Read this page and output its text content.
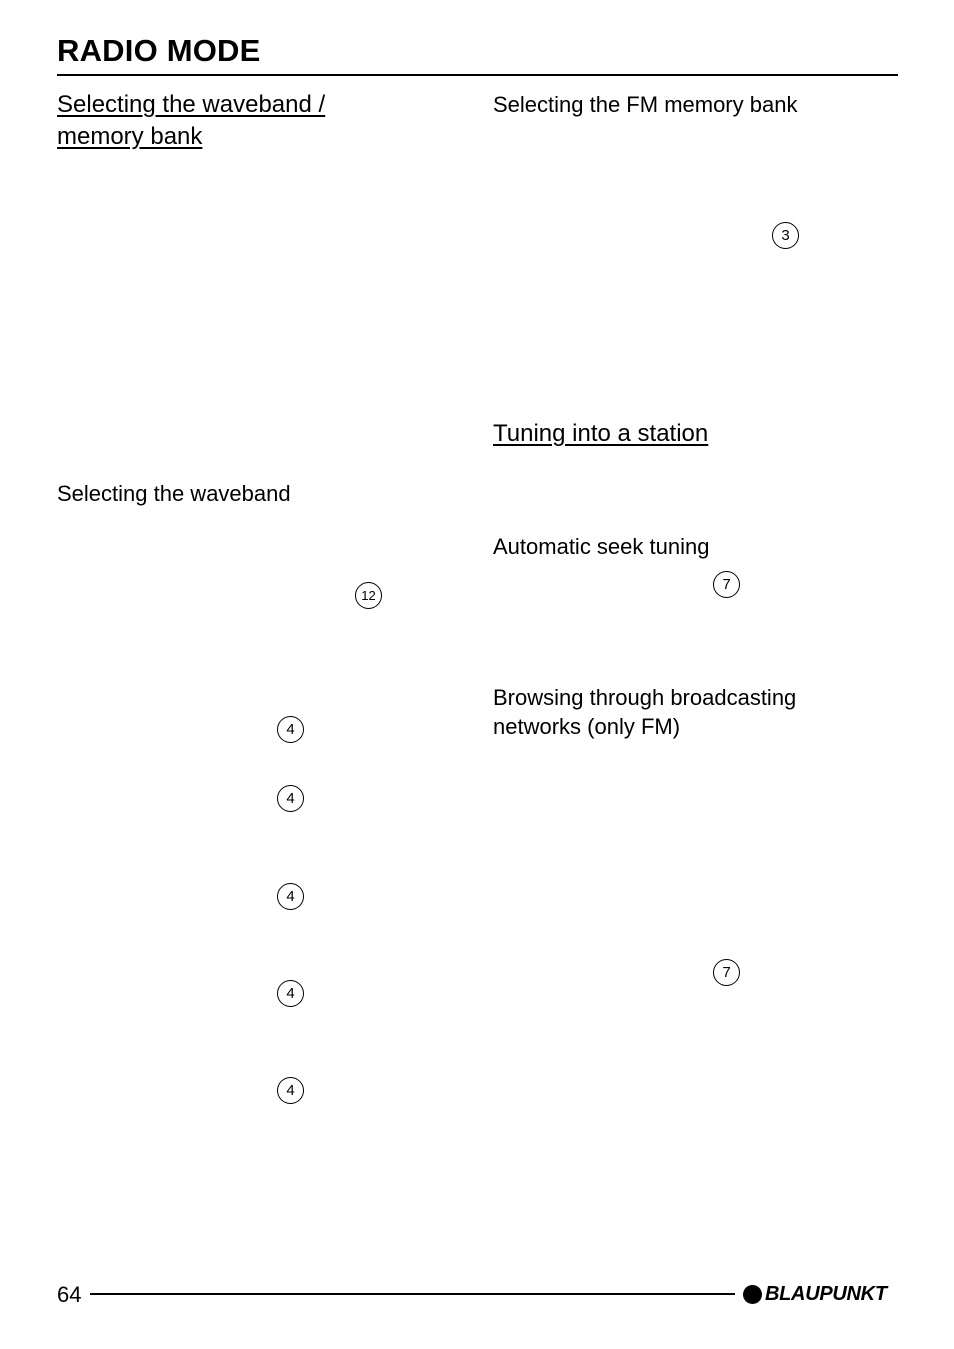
RADIO MODE
Selecting the waveband /
memory bank
Selecting the waveband
12
4
4
4
4
4
Selecting the FM memory bank
3
Tuning into a station
Automatic seek tuning
7
Browsing through broadcasting
networks (only FM)
7
64	BLAUPUNKT
